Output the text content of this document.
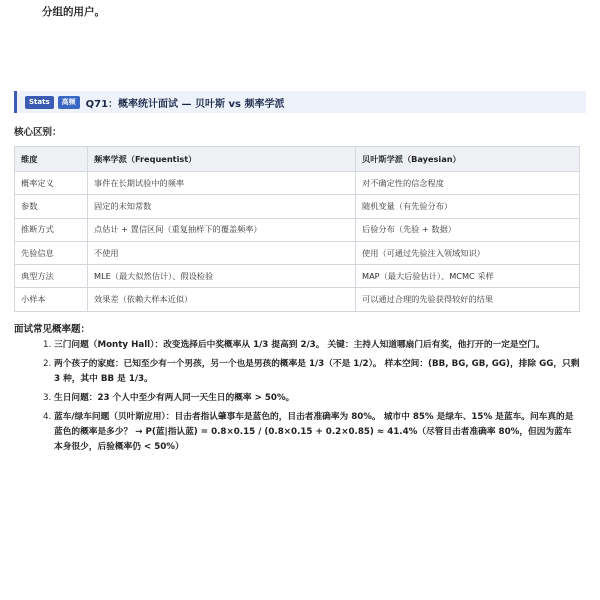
分组的用户。
Stats	高频	Q71：概率统计面试 — 贝叶斯 vs 频率学派
核心区别：
维度	频率学派（Frequentist）	贝叶斯学派（Bayesian）
概率定义	事件在长期试验中的频率	对不确定性的信念程度
参数	固定的未知常数	随机变量（有先验分布）
推断方式	点估计 + 置信区间（重复抽样下的覆盖频率）	后验分布（先验 + 数据）
先验信息	不使用	使用（可通过先验注入领域知识）
典型方法	MLE（最大似然估计）、假设检验	MAP（最大后验估计）、MCMC 采样
小样本	效果差（依赖大样本近似）	可以通过合理的先验获得较好的结果
面试常见概率题：
1. 三门问题（Monty Hall）：改变选择后中奖概率从 1/3 提高到 2/3。 关键：主持人知道哪扇门后有奖，他打开的一定是空门。
2. 两个孩子的家庭：已知至少有一个男孩，另一个也是男孩的概率是 1/3（不是 1/2）。 样本空间：(BB, BG, GB, GG)，排除 GG，只剩 3 种，其中 BB 是 1/3。
3. 生日问题：23 个人中至少有两人同一天生日的概率 > 50%。
4. 蓝车/绿车问题（贝叶斯应用）：目击者指认肇事车是蓝色的，目击者准确率为 80%。 城市中 85% 是绿车、15% 是蓝车。问车真的是蓝色的概率是多少？ → P(蓝|指认蓝) = 0.8×0.15 / (0.8×0.15 + 0.2×0.85) ≈ 41.4%（尽管目击者准确率 80%，但因为蓝车本身很少，后验概率仍 < 50%）
